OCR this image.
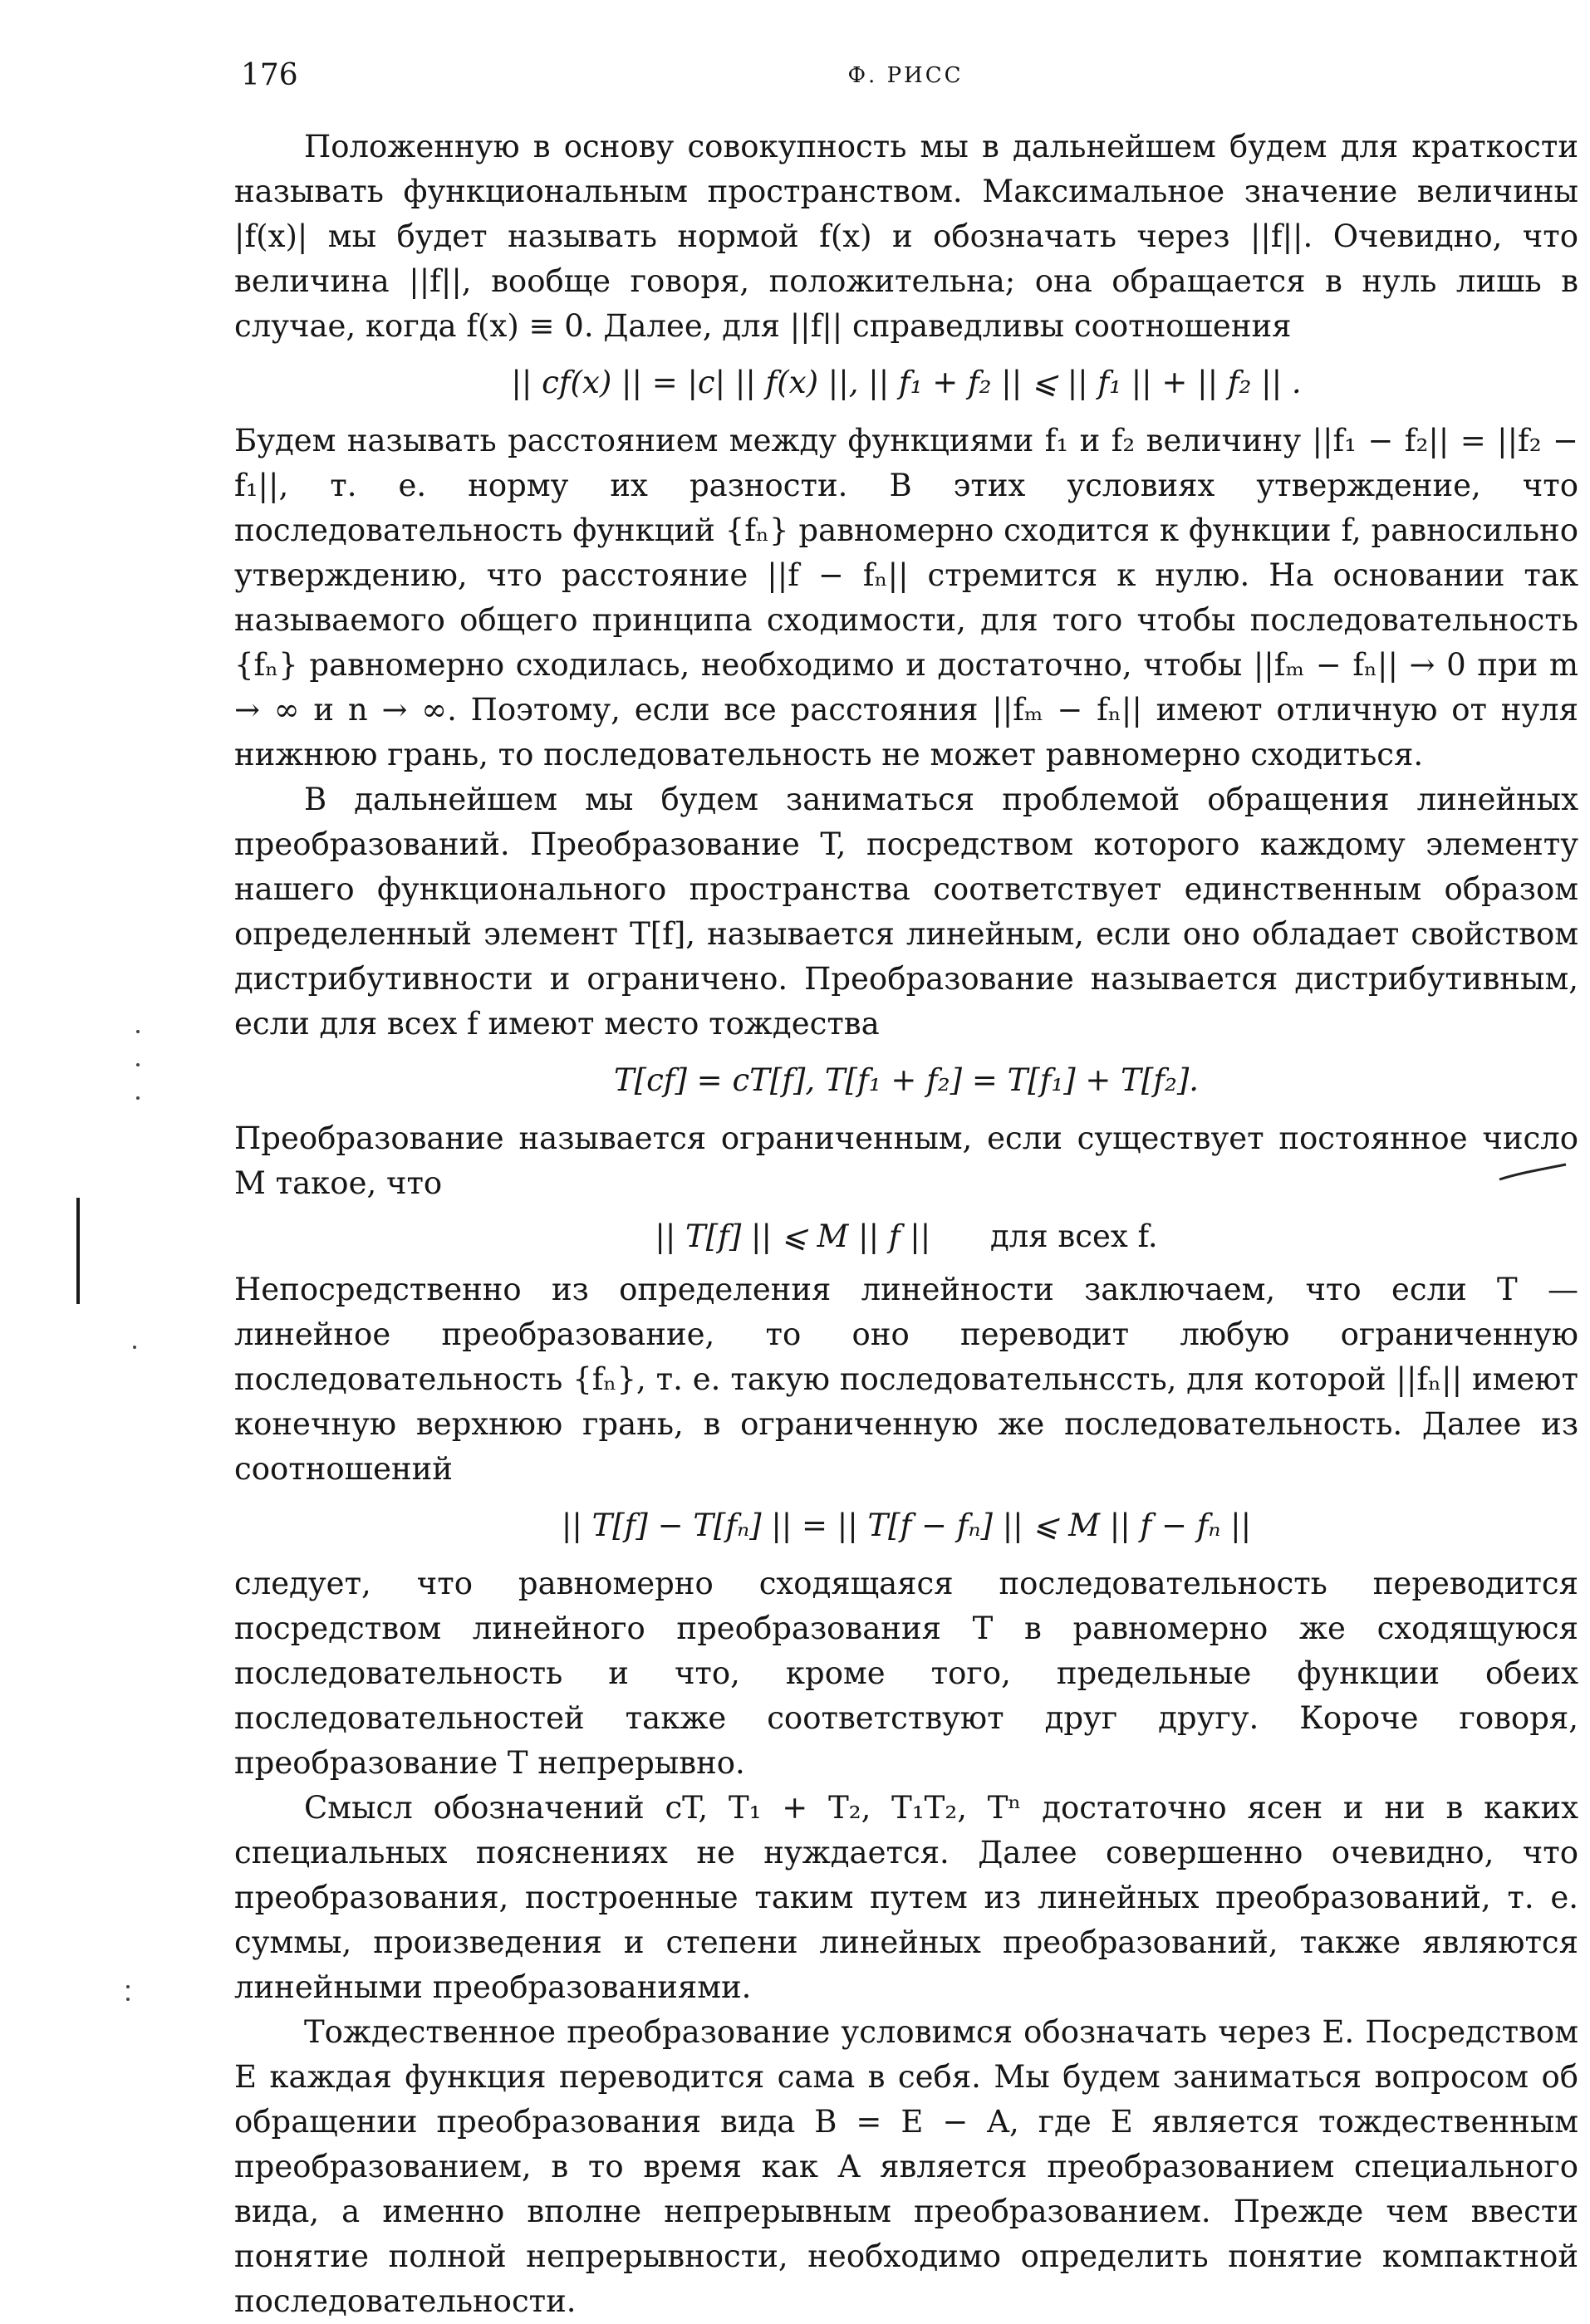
176	Ф. РИСС

Положенную в основу совокупность мы в дальнейшем будем для краткости называть функциональным пространством. Максимальное значение величины |f(x)| мы будет называть нормой f(x) и обозначать через ||f||. Очевидно, что величина ||f||, вообще говоря, положительна; она обращается в нуль лишь в случае, когда f(x) ≡ 0. Далее, для ||f|| справедливы соотношения

|| cf(x) || = |c| || f(x) ||, || f₁ + f₂ || ⩽ || f₁ || + || f₂ || .

Будем называть расстоянием между функциями f₁ и f₂ величину ||f₁ − f₂|| = ||f₂ − f₁||, т. е. норму их разности. В этих условиях утверждение, что последовательность функций {fₙ} равномерно сходится к функции f, равносильно утверждению, что расстояние ||f − fₙ|| стремится к нулю. На основании так называемого общего принципа сходимости, для того чтобы последовательность {fₙ} равномерно сходилась, необходимо и достаточно, чтобы ||fₘ − fₙ|| → 0 при m → ∞ и n → ∞. Поэтому, если все расстояния ||fₘ − fₙ|| имеют отличную от нуля нижнюю грань, то последовательность не может равномерно сходиться.

В дальнейшем мы будем заниматься проблемой обращения линейных преобразований. Преобразование T, посредством которого каждому элементу нашего функционального пространства соответствует единственным образом определенный элемент T[f], называется линейным, если оно обладает свойством дистрибутивности и ограничено. Преобразование называется дистрибутивным, если для всех f имеют место тождества

T[cf] = cT[f], T[f₁ + f₂] = T[f₁] + T[f₂].

Преобразование называется ограниченным, если существует постоянное число M такое, что

|| T[f] || ⩽ M || f || для всех f.

Непосредственно из определения линейности заключаем, что если T — линейное преобразование, то оно переводит любую ограниченную последовательность {fₙ}, т. е. такую последовательнсcть, для которой ||fₙ|| имеют конечную верхнюю грань, в ограниченную же последовательность. Далее из соотношений

|| T[f] − T[fₙ] || = || T[f − fₙ] || ⩽ M || f − fₙ ||

следует, что равномерно сходящаяся последовательность переводится посредством линейного преобразования T в равномерно же сходящуюся последовательность и что, кроме того, предельные функции обеих последовательностей также соответствуют друг другу. Короче говоря, преобразование T непрерывно.

Смысл обозначений cT, T₁ + T₂, T₁T₂, Tⁿ достаточно ясен и ни в каких специальных пояснениях не нуждается. Далее совершенно очевидно, что преобразования, построенные таким путем из линейных преобразований, т. е. суммы, произведения и степени линейных преобразований, также являются линейными преобразованиями.

Тождественное преобразование условимся обозначать через E. Посредством E каждая функция переводится сама в себя. Мы будем заниматься вопросом об обращении преобразования вида B = E − A, где E является тождественным преобразованием, в то время как A является преобразованием специального вида, а именно вполне непрерывным преобразованием. Прежде чем ввести понятие полной непрерывности, необходимо определить понятие компактной последовательности.
